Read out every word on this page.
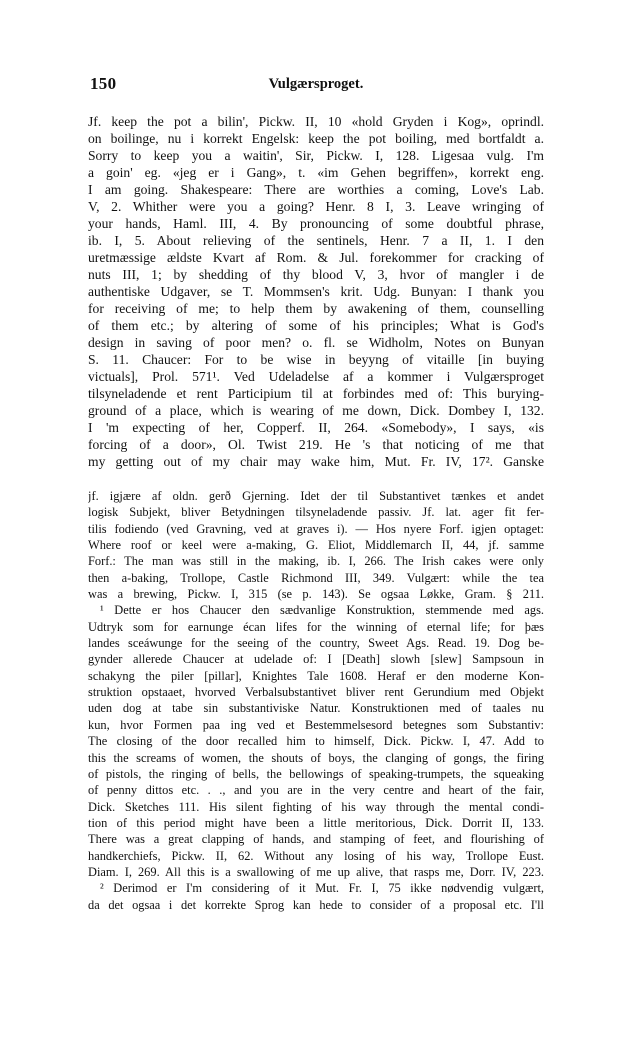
150	Vulgærsproget.
Jf. keep the pot a bilin', Pickw. II, 10 «hold Gryden i Kog», oprindl.
on boilinge, nu i korrekt Engelsk: keep the pot boiling, med bortfaldt a.
Sorry to keep you a waitin', Sir, Pickw. I, 128. Ligesaa vulg. I'm
a goin' eg. «jeg er i Gang», t. «im Gehen begriffen», korrekt eng.
I am going. Shakespeare: There are worthies a coming, Love's Lab.
V, 2. Whither were you a going? Henr. 8 I, 3. Leave wringing of
your hands, Haml. III, 4. By pronouncing of some doubtful phrase,
ib. I, 5. About relieving of the sentinels, Henr. 7 a II, 1. I den
uretmæssige ældste Kvart af Rom. & Jul. forekommer for cracking of
nuts III, 1; by shedding of thy blood V, 3, hvor of mangler i de
authentiske Udgaver, se T. Mommsen's krit. Udg. Bunyan: I thank you
for receiving of me; to help them by awakening of them, counselling
of them etc.; by altering of some of his principles; What is God's
design in saving of poor men? o. fl. se Widholm, Notes on Bunyan
S. 11. Chaucer: For to be wise in beyyng of vitaille [in buying
victuals], Prol. 571¹. Ved Udeladelse af a kommer i Vulgærsproget
tilsyneladende et rent Participium til at forbindes med of: This burying-
ground of a place, which is wearing of me down, Dick. Dombey I, 132.
I 'm expecting of her, Copperf. II, 264. «Somebody», I says, «is
forcing of a door», Ol. Twist 219. He 's that noticing of me that
my getting out of my chair may wake him, Mut. Fr. IV, 17². Ganske
jf. igjære af oldn. gerð Gjerning. Idet der til Substantivet tænkes et andet
logisk Subjekt, bliver Betydningen tilsyneladende passiv. Jf. lat. ager fit fer-
tilis fodiendo (ved Gravning, ved at graves i). — Hos nyere Forf. igjen optaget:
Where roof or keel were a-making, G. Eliot, Middlemarch II, 44, jf. samme
Forf.: The man was still in the making, ib. I, 266. The Irish cakes were only
then a-baking, Trollope, Castle Richmond III, 349. Vulgært: while the tea
was a brewing, Pickw. I, 315 (se p. 143). Se ogsaa Løkke, Gram. § 211.
¹ Dette er hos Chaucer den sædvanlige Konstruktion, stemmende med ags.
Udtryk som for earnunge écan lifes for the winning of eternal life; for þæs
landes sceáwunge for the seeing of the country, Sweet Ags. Read. 19. Dog be-
gynder allerede Chaucer at udelade of: I [Death] slowh [slew] Sampsoun in
schakyng the piler [pillar], Knightes Tale 1608. Heraf er den moderne Kon-
struktion opstaaet, hvorved Verbalsubstantivet bliver rent Gerundium med Objekt
uden dog at tabe sin substantiviske Natur. Konstruktionen med of taales nu
kun, hvor Formen paa ing ved et Bestemmelsesord betegnes som Substantiv:
The closing of the door recalled him to himself, Dick. Pickw. I, 47. Add to
this the screams of women, the shouts of boys, the clanging of gongs, the firing
of pistols, the ringing of bells, the bellowings of speaking-trumpets, the squeaking
of penny dittos etc. . ., and you are in the very centre and heart of the fair,
Dick. Sketches 111. His silent fighting of his way through the mental condi-
tion of this period might have been a little meritorious, Dick. Dorrit II, 133.
There was a great clapping of hands, and stamping of feet, and flourishing of
handkerchiefs, Pickw. II, 62. Without any losing of his way, Trollope Eust.
Diam. I, 269. All this is a swallowing of me up alive, that rasps me, Dorr. IV, 223.
² Derimod er I'm considering of it Mut. Fr. I, 75 ikke nødvendig vulgært,
da det ogsaa i det korrekte Sprog kan hede to consider of a proposal etc. I'll
